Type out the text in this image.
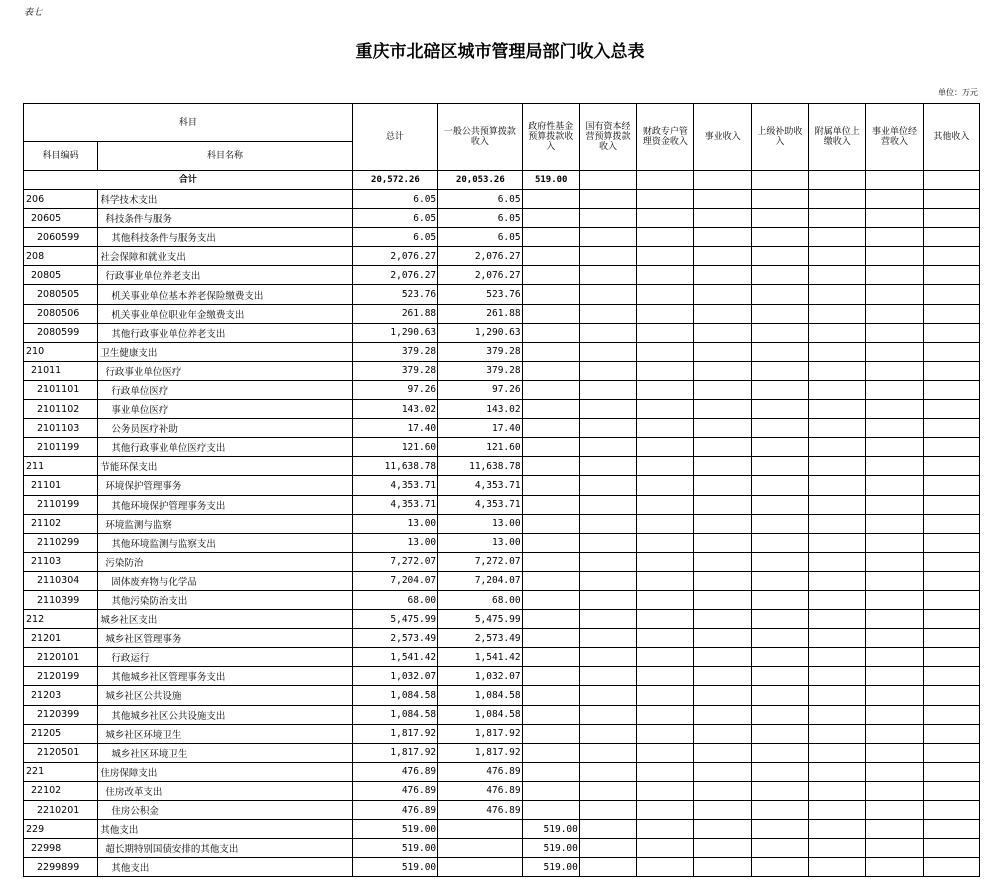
表七
重庆市北碚区城市管理局部门收入总表
单位：万元
科目		总计	一般公共预算拨款收入	政府性基金预算拨款收入	国有资本经营预算拨款收入	财政专户管理资金收入	事业收入	上级补助收入	附属单位上缴收入	事业单位经营收入	其他收入
科目编码	科目名称										
合计		20,572.26	20,053.26	519.00							
206	科学技术支出	6.05	6.05								
20605	科技条件与服务	6.05	6.05								
2060599	其他科技条件与服务支出	6.05	6.05								
208	社会保障和就业支出	2,076.27	2,076.27								
20805	行政事业单位养老支出	2,076.27	2,076.27								
2080505	机关事业单位基本养老保险缴费支出	523.76	523.76								
2080506	机关事业单位职业年金缴费支出	261.88	261.88								
2080599	其他行政事业单位养老支出	1,290.63	1,290.63								
210	卫生健康支出	379.28	379.28								
21011	行政事业单位医疗	379.28	379.28								
2101101	行政单位医疗	97.26	97.26								
2101102	事业单位医疗	143.02	143.02								
2101103	公务员医疗补助	17.40	17.40								
2101199	其他行政事业单位医疗支出	121.60	121.60								
211	节能环保支出	11,638.78	11,638.78								
21101	环境保护管理事务	4,353.71	4,353.71								
2110199	其他环境保护管理事务支出	4,353.71	4,353.71								
21102	环境监测与监察	13.00	13.00								
2110299	其他环境监测与监察支出	13.00	13.00								
21103	污染防治	7,272.07	7,272.07								
2110304	固体废弃物与化学品	7,204.07	7,204.07								
2110399	其他污染防治支出	68.00	68.00								
212	城乡社区支出	5,475.99	5,475.99								
21201	城乡社区管理事务	2,573.49	2,573.49								
2120101	行政运行	1,541.42	1,541.42								
2120199	其他城乡社区管理事务支出	1,032.07	1,032.07								
21203	城乡社区公共设施	1,084.58	1,084.58								
2120399	其他城乡社区公共设施支出	1,084.58	1,084.58								
21205	城乡社区环境卫生	1,817.92	1,817.92								
2120501	城乡社区环境卫生	1,817.92	1,817.92								
221	住房保障支出	476.89	476.89								
22102	住房改革支出	476.89	476.89								
2210201	住房公积金	476.89	476.89								
229	其他支出	519.00		519.00							
22998	超长期特别国债安排的其他支出	519.00		519.00							
2299899	其他支出	519.00		519.00							
